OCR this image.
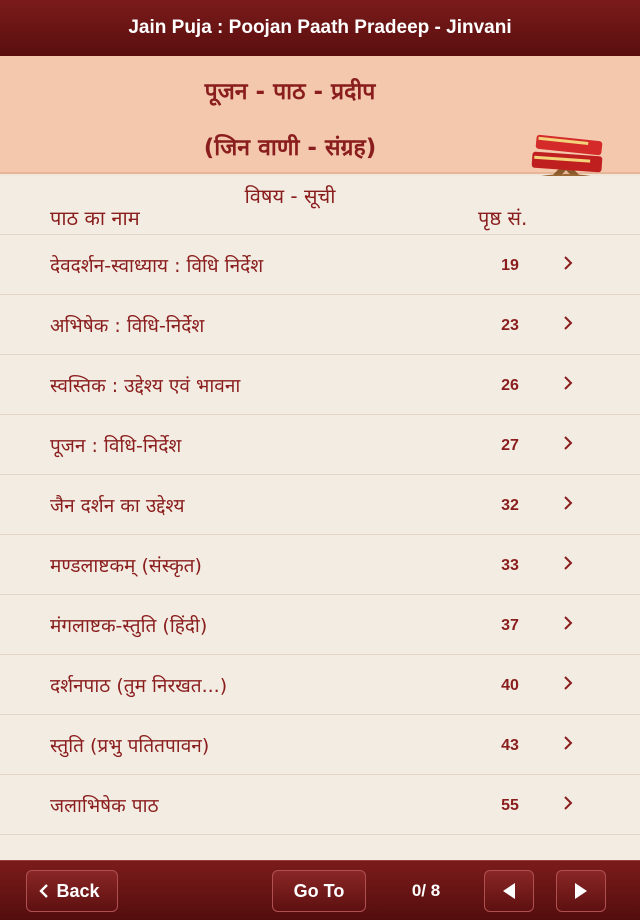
Jain Puja : Poojan Paath Pradeep - Jinvani
पूजन - पाठ - प्रदीप
(जिन वाणी - संग्रह)
विषय - सूची
पाठ का नाम	पृष्ठ सं.
देवदर्शन-स्वाध्याय : विधि निर्देश	19
अभिषेक : विधि-निर्देश	23
स्वस्तिक : उद्देश्य एवं भावना	26
पूजन : विधि-निर्देश	27
जैन दर्शन का उद्देश्य	32
मण्डलाष्टकम् (संस्कृत)	33
मंगलाष्टक-स्तुति (हिंदी)	37
दर्शनपाठ (तुम निरखत...)	40
स्तुति (प्रभु पतितपावन)	43
जलाभिषेक पाठ	55
Back	Go To	0/ 8
